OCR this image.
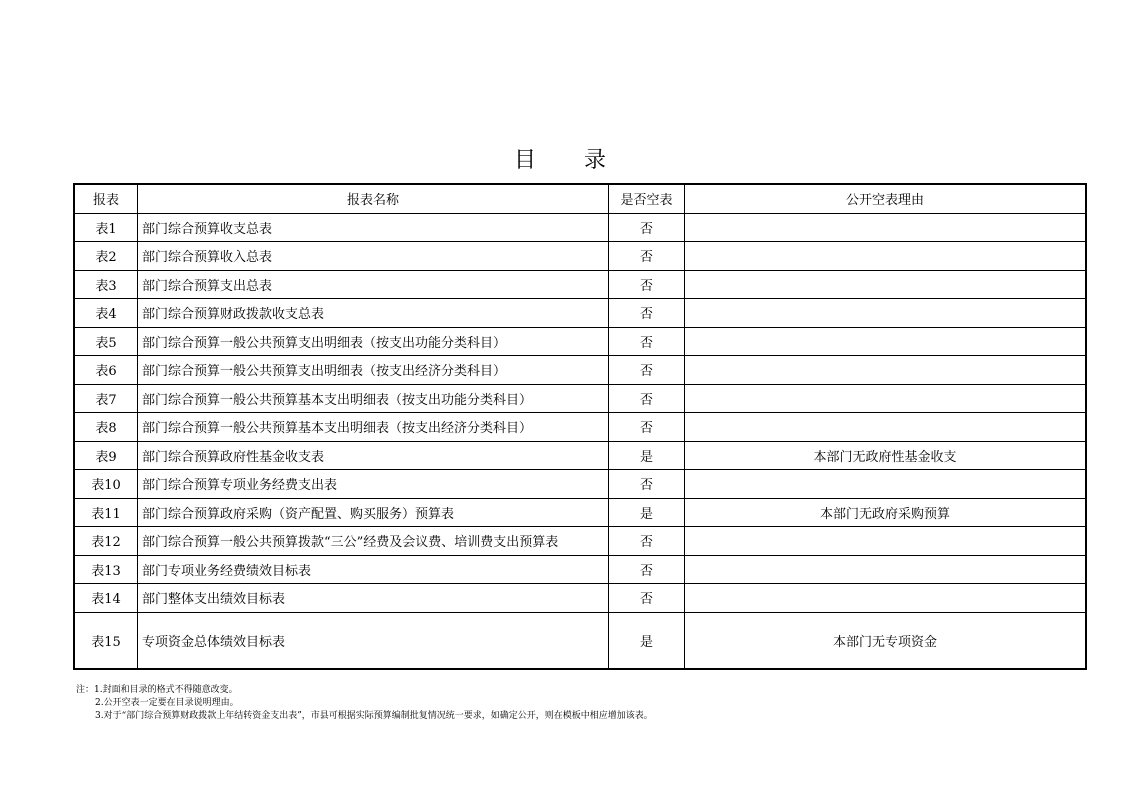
目 录
报表	报表名称	是否空表	公开空表理由
表1	部门综合预算收支总表	否	
表2	部门综合预算收入总表	否	
表3	部门综合预算支出总表	否	
表4	部门综合预算财政拨款收支总表	否	
表5	部门综合预算一般公共预算支出明细表（按支出功能分类科目）	否	
表6	部门综合预算一般公共预算支出明细表（按支出经济分类科目）	否	
表7	部门综合预算一般公共预算基本支出明细表（按支出功能分类科目）	否	
表8	部门综合预算一般公共预算基本支出明细表（按支出经济分类科目）	否	
表9	部门综合预算政府性基金收支表	是	本部门无政府性基金收支
表10	部门综合预算专项业务经费支出表	否	
表11	部门综合预算政府采购（资产配置、购买服务）预算表	是	本部门无政府采购预算
表12	部门综合预算一般公共预算拨款“三公”经费及会议费、培训费支出预算表	否	
表13	部门专项业务经费绩效目标表	否	
表14	部门整体支出绩效目标表	否	
表15	专项资金总体绩效目标表	是	本部门无专项资金
注：1.封面和目录的格式不得随意改变。
2.公开空表一定要在目录说明理由。
3.对于“部门综合预算财政拨款上年结转资金支出表”，市县可根据实际预算编制批复情况统一要求，如确定公开，则在模板中相应增加该表。
